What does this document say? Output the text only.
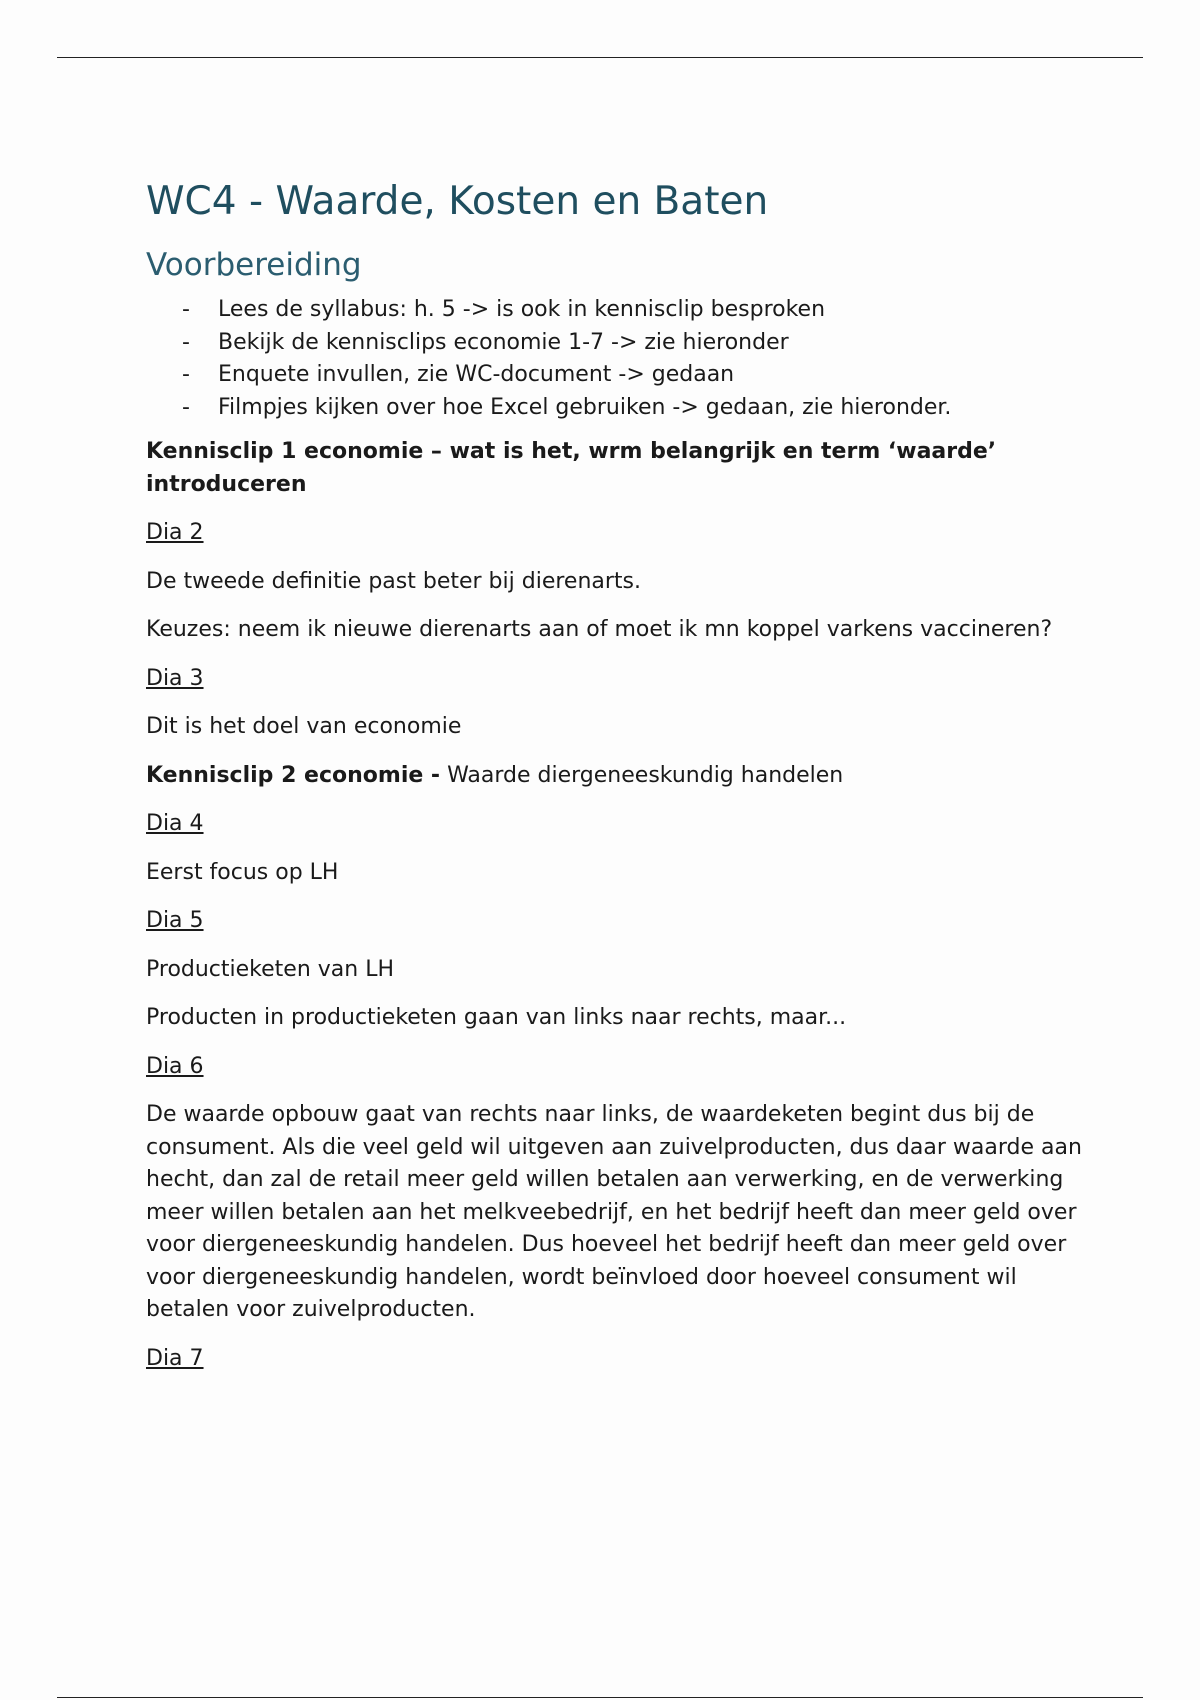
WC4 - Waarde, Kosten en Baten
Voorbereiding
- Lees de syllabus: h. 5 -> is ook in kennisclip besproken
- Bekijk de kennisclips economie 1-7 -> zie hieronder
- Enquete invullen, zie WC-document -> gedaan
- Filmpjes kijken over hoe Excel gebruiken -> gedaan, zie hieronder.

Kennisclip 1 economie – wat is het, wrm belangrijk en term ‘waarde’ introduceren

Dia 2

De tweede definitie past beter bij dierenarts.

Keuzes: neem ik nieuwe dierenarts aan of moet ik mn koppel varkens vaccineren?

Dia 3

Dit is het doel van economie

Kennisclip 2 economie - Waarde diergeneeskundig handelen

Dia 4

Eerst focus op LH

Dia 5

Productieketen van LH

Producten in productieketen gaan van links naar rechts, maar...

Dia 6

De waarde opbouw gaat van rechts naar links, de waardeketen begint dus bij de consument. Als die veel geld wil uitgeven aan zuivelproducten, dus daar waarde aan hecht, dan zal de retail meer geld willen betalen aan verwerking, en de verwerking meer willen betalen aan het melkveebedrijf, en het bedrijf heeft dan meer geld over voor diergeneeskundig handelen. Dus hoeveel het bedrijf heeft dan meer geld over voor diergeneeskundig handelen, wordt beïnvloed door hoeveel consument wil betalen voor zuivelproducten.

Dia 7
